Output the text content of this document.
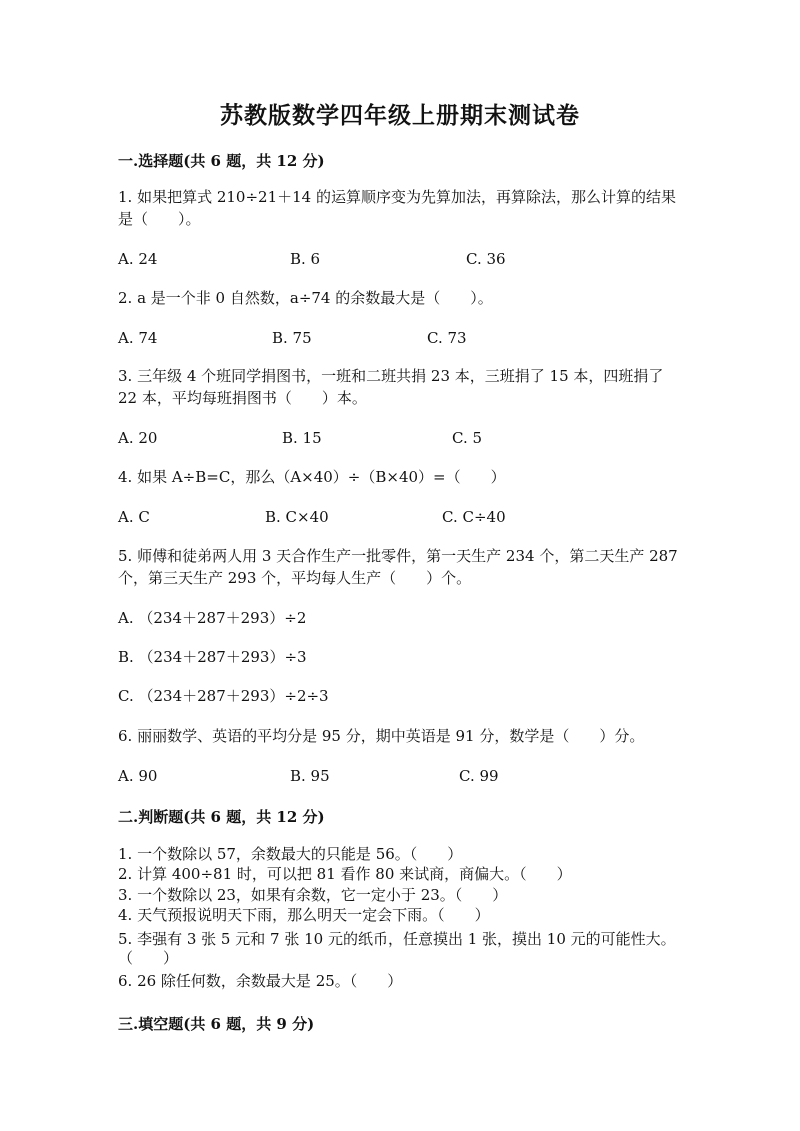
苏教版数学四年级上册期末测试卷
一.选择题(共 6 题，共 12 分)
1. 如果把算式 210÷21＋14 的运算顺序变为先算加法，再算除法，那么计算的结果是（　　）。
A. 24	B. 6	C. 36
2. a 是一个非 0 自然数，a÷74 的余数最大是（　　）。
A. 74	B. 75	C. 73
3. 三年级 4 个班同学捐图书，一班和二班共捐 23 本，三班捐了 15 本，四班捐了 22 本，平均每班捐图书（　　）本。
A. 20	B. 15	C. 5
4. 如果 A÷B=C，那么（A×40）÷（B×40）=（　　）
A. C	B. C×40	C. C÷40
5. 师傅和徒弟两人用 3 天合作生产一批零件，第一天生产 234 个，第二天生产 287 个，第三天生产 293 个，平均每人生产（　　）个。
A. （234＋287＋293）÷2
B. （234＋287＋293）÷3
C. （234＋287＋293）÷2÷3
6. 丽丽数学、英语的平均分是 95 分，期中英语是 91 分，数学是（　　）分。
A. 90	B. 95	C. 99
二.判断题(共 6 题，共 12 分)
1. 一个数除以 57，余数最大的只能是 56。（　　）
2. 计算 400÷81 时，可以把 81 看作 80 来试商，商偏大。（　　）
3. 一个数除以 23，如果有余数，它一定小于 23。（　　）
4. 天气预报说明天下雨，那么明天一定会下雨。（　　）
5. 李强有 3 张 5 元和 7 张 10 元的纸币，任意摸出 1 张，摸出 10 元的可能性大。（　　）
6. 26 除任何数，余数最大是 25。（　　）
三.填空题(共 6 题，共 9 分)
